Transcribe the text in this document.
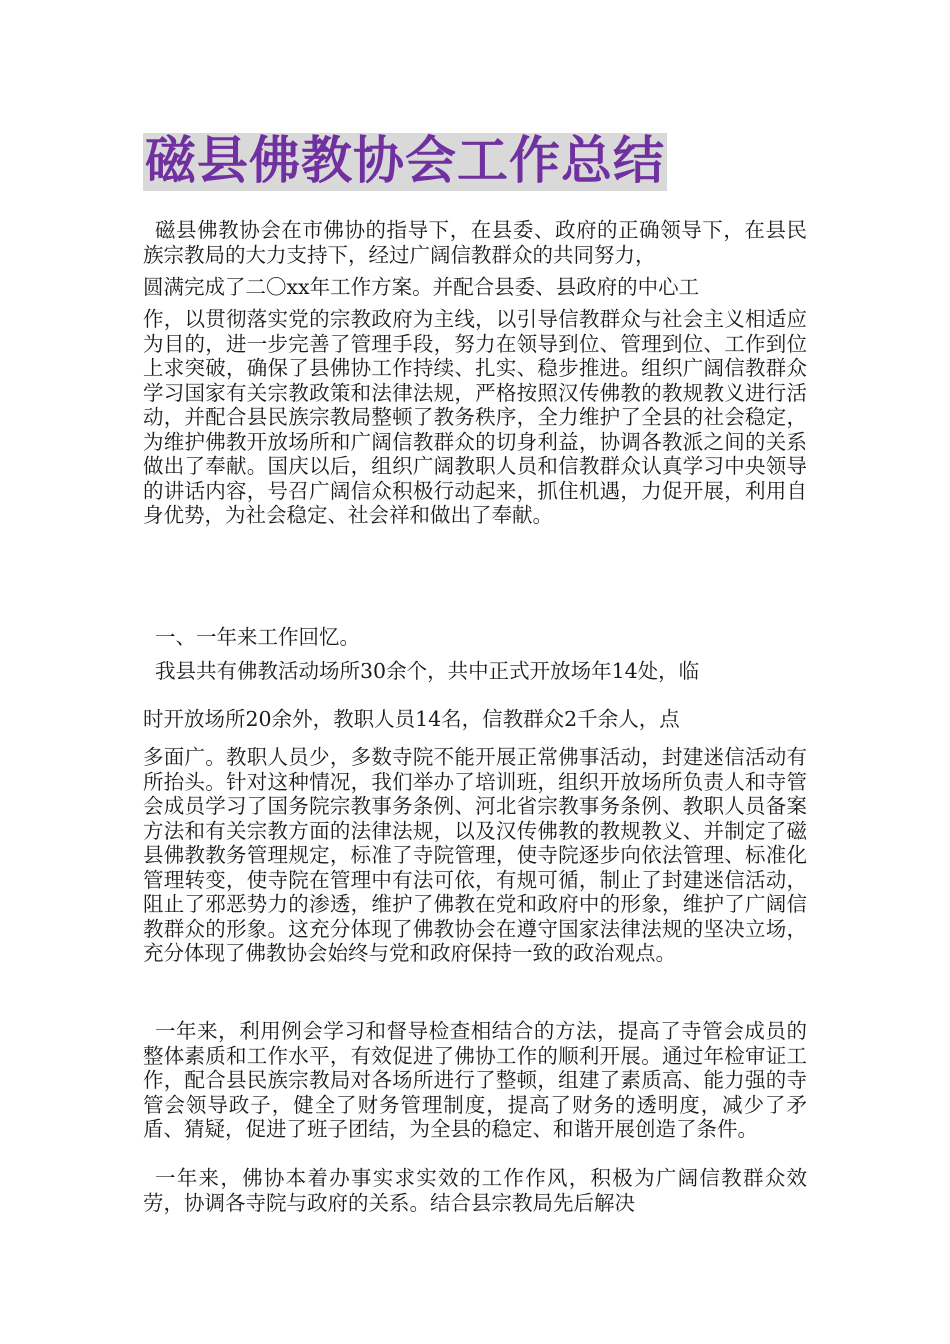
磁县佛教协会工作总结

磁县佛教协会在市佛协的指导下，在县委、政府的正确领导下，在县民族宗教局的大力支持下，经过广阔信教群众的共同努力，
圆满完成了二〇xx年工作方案。并配合县委、县政府的中心工
作，以贯彻落实党的宗教政府为主线，以引导信教群众与社会主义相适应为目的，进一步完善了管理手段，努力在领导到位、管理到位、工作到位上求突破，确保了县佛协工作持续、扎实、稳步推进。组织广阔信教群众学习国家有关宗教政策和法律法规，严格按照汉传佛教的教规教义进行活动，并配合县民族宗教局整顿了教务秩序，全力维护了全县的社会稳定，为维护佛教开放场所和广阔信教群众的切身利益，协调各教派之间的关系做出了奉献。国庆以后，组织广阔教职人员和信教群众认真学习中央领导的讲话内容，号召广阔信众积极行动起来，抓住机遇，力促开展，利用自身优势，为社会稳定、社会祥和做出了奉献。

一、一年来工作回忆。

我县共有佛教活动场所30余个，共中正式开放场年14处，临
时开放场所20余外，教职人员14名，信教群众2千余人，点
多面广。教职人员少，多数寺院不能开展正常佛事活动，封建迷信活动有所抬头。针对这种情况，我们举办了培训班，组织开放场所负责人和寺管会成员学习了国务院宗教事务条例、河北省宗教事务条例、教职人员备案方法和有关宗教方面的法律法规，以及汉传佛教的教规教义、并制定了磁县佛教教务管理规定，标准了寺院管理，使寺院逐步向依法管理、标准化管理转变，使寺院在管理中有法可依，有规可循，制止了封建迷信活动，阻止了邪恶势力的渗透，维护了佛教在党和政府中的形象，维护了广阔信教群众的形象。这充分体现了佛教协会在遵守国家法律法规的坚决立场，充分体现了佛教协会始终与党和政府保持一致的政治观点。

一年来，利用例会学习和督导检查相结合的方法，提高了寺管会成员的整体素质和工作水平，有效促进了佛协工作的顺利开展。通过年检审证工作，配合县民族宗教局对各场所进行了整顿，组建了素质高、能力强的寺管会领导政子，健全了财务管理制度，提高了财务的透明度，减少了矛盾、猜疑，促进了班子团结，为全县的稳定、和谐开展创造了条件。

一年来，佛协本着办事实求实效的工作作风，积极为广阔信教群众效劳，协调各寺院与政府的关系。结合县宗教局先后解决
